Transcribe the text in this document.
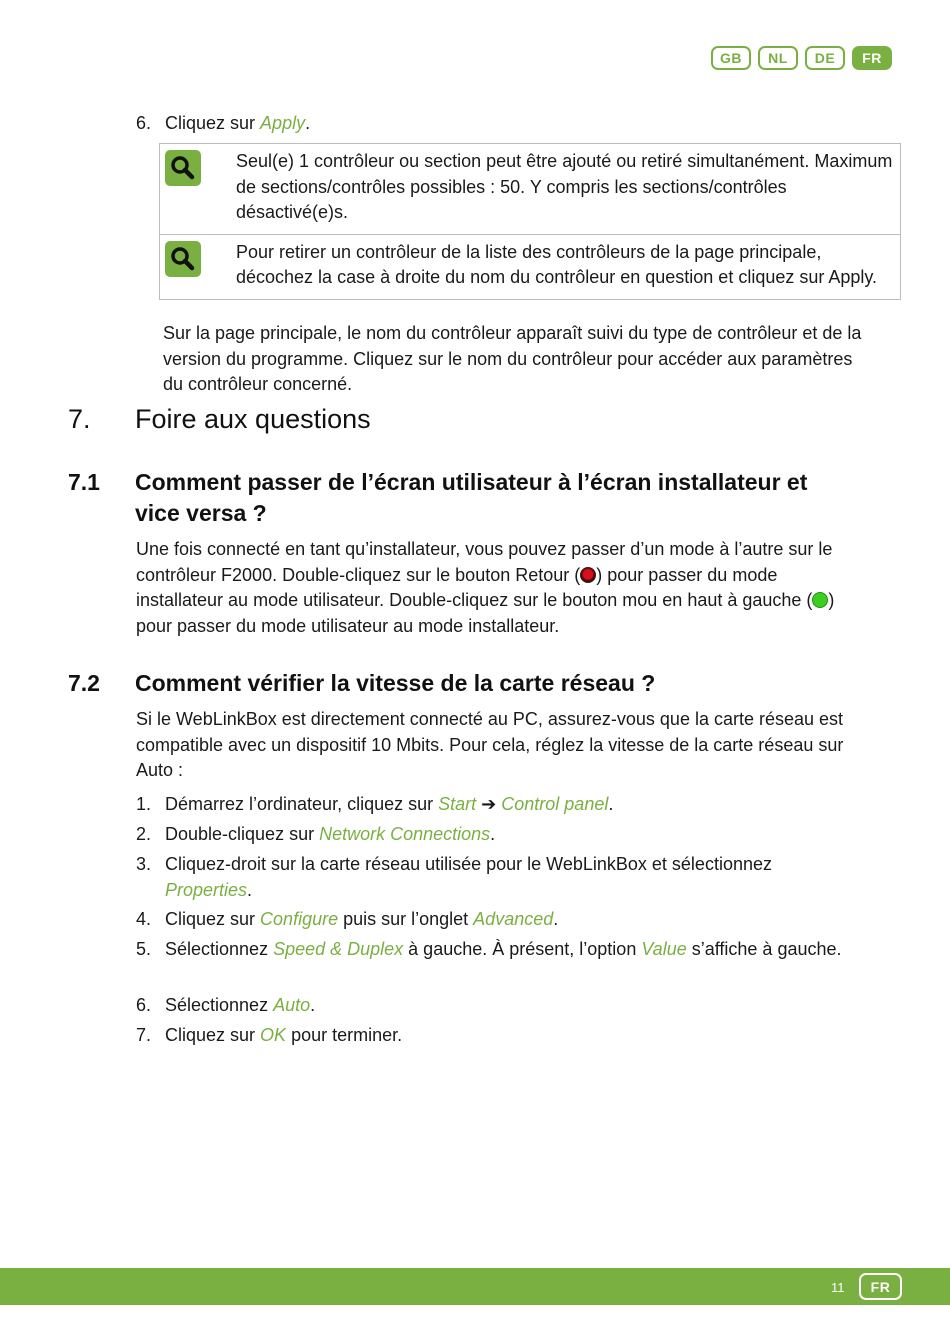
GB	NL	DE	FR
6. Cliquez sur Apply.

Seul(e) 1 contrôleur ou section peut être ajouté ou retiré simultanément. Maximum de sections/contrôles possibles : 50. Y compris les sections/contrôles désactivé(e)s.

Pour retirer un contrôleur de la liste des contrôleurs de la page principale, décochez la case à droite du nom du contrôleur en question et cliquez sur Apply.

Sur la page principale, le nom du contrôleur apparaît suivi du type de contrôleur et de la version du programme. Cliquez sur le nom du contrôleur pour accéder aux paramètres du contrôleur concerné.

7. Foire aux questions
7.1 Comment passer de l’écran utilisateur à l’écran installateur et vice versa ?

Une fois connecté en tant qu’installateur, vous pouvez passer d’un mode à l’autre sur le contrôleur F2000. Double-cliquez sur le bouton Retour ( ) pour passer du mode installateur au mode utilisateur. Double-cliquez sur le bouton mou en haut à gauche ( ) pour passer du mode utilisateur au mode installateur.

7.2 Comment vérifier la vitesse de la carte réseau ?

Si le WebLinkBox est directement connecté au PC, assurez-vous que la carte réseau est compatible avec un dispositif 10 Mbits. Pour cela, réglez la vitesse de la carte réseau sur Auto :

1. Démarrez l’ordinateur, cliquez sur Start ➔ Control panel.
2. Double-cliquez sur Network Connections.
3. Cliquez-droit sur la carte réseau utilisée pour le WebLinkBox et sélectionnez Properties.
4. Cliquez sur Configure puis sur l’onglet Advanced.
5. Sélectionnez Speed & Duplex à gauche. À présent, l’option Value s’affiche à gauche.
6. Sélectionnez Auto.
7. Cliquez sur OK pour terminer.
11	FR
